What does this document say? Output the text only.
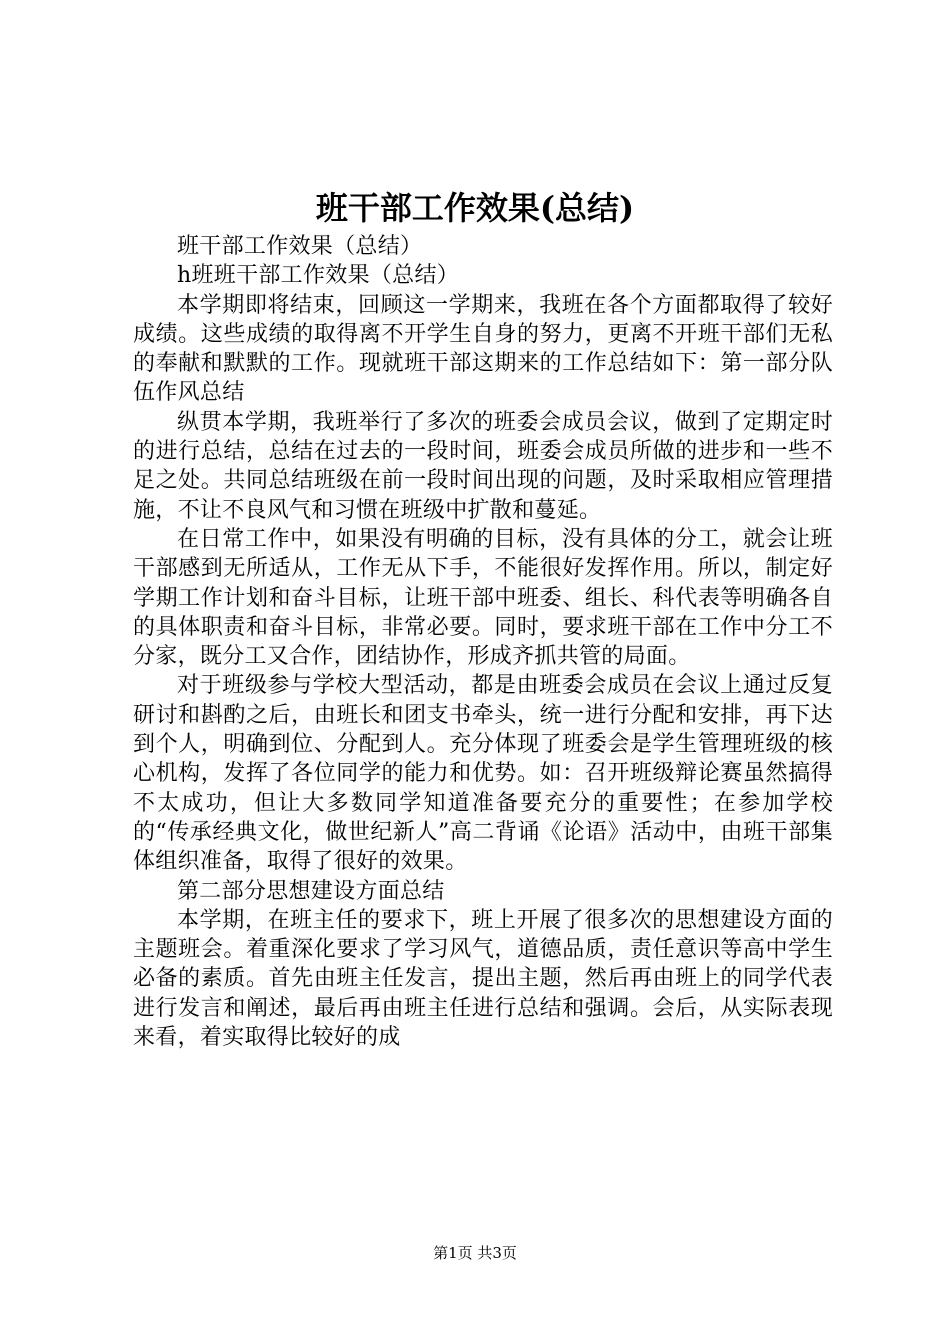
班干部工作效果(总结)

班干部工作效果（总结）

h班班干部工作效果（总结）

本学期即将结束，回顾这一学期来，我班在各个方面都取得了较好成绩。这些成绩的取得离不开学生自身的努力，更离不开班干部们无私的奉献和默默的工作。现就班干部这期来的工作总结如下：第一部分队伍作风总结

纵贯本学期，我班举行了多次的班委会成员会议，做到了定期定时的进行总结，总结在过去的一段时间，班委会成员所做的进步和一些不足之处。共同总结班级在前一段时间出现的问题，及时采取相应管理措施，不让不良风气和习惯在班级中扩散和蔓延。

在日常工作中，如果没有明确的目标，没有具体的分工，就会让班干部感到无所适从，工作无从下手，不能很好发挥作用。所以，制定好学期工作计划和奋斗目标，让班干部中班委、组长、科代表等明确各自的具体职责和奋斗目标，非常必要。同时，要求班干部在工作中分工不分家，既分工又合作，团结协作，形成齐抓共管的局面。

对于班级参与学校大型活动，都是由班委会成员在会议上通过反复研讨和斟酌之后，由班长和团支书牵头，统一进行分配和安排，再下达到个人，明确到位、分配到人。充分体现了班委会是学生管理班级的核心机构，发挥了各位同学的能力和优势。如：召开班级辩论赛虽然搞得不太成功，但让大多数同学知道准备要充分的重要性；在参加学校的“传承经典文化，做世纪新人”高二背诵《论语》活动中，由班干部集体组织准备，取得了很好的效果。

第二部分思想建设方面总结

本学期，在班主任的要求下，班上开展了很多次的思想建设方面的主题班会。着重深化要求了学习风气，道德品质，责任意识等高中学生必备的素质。首先由班主任发言，提出主题，然后再由班上的同学代表进行发言和阐述，最后再由班主任进行总结和强调。会后，从实际表现来看，着实取得比较好的成

第1页 共3页
